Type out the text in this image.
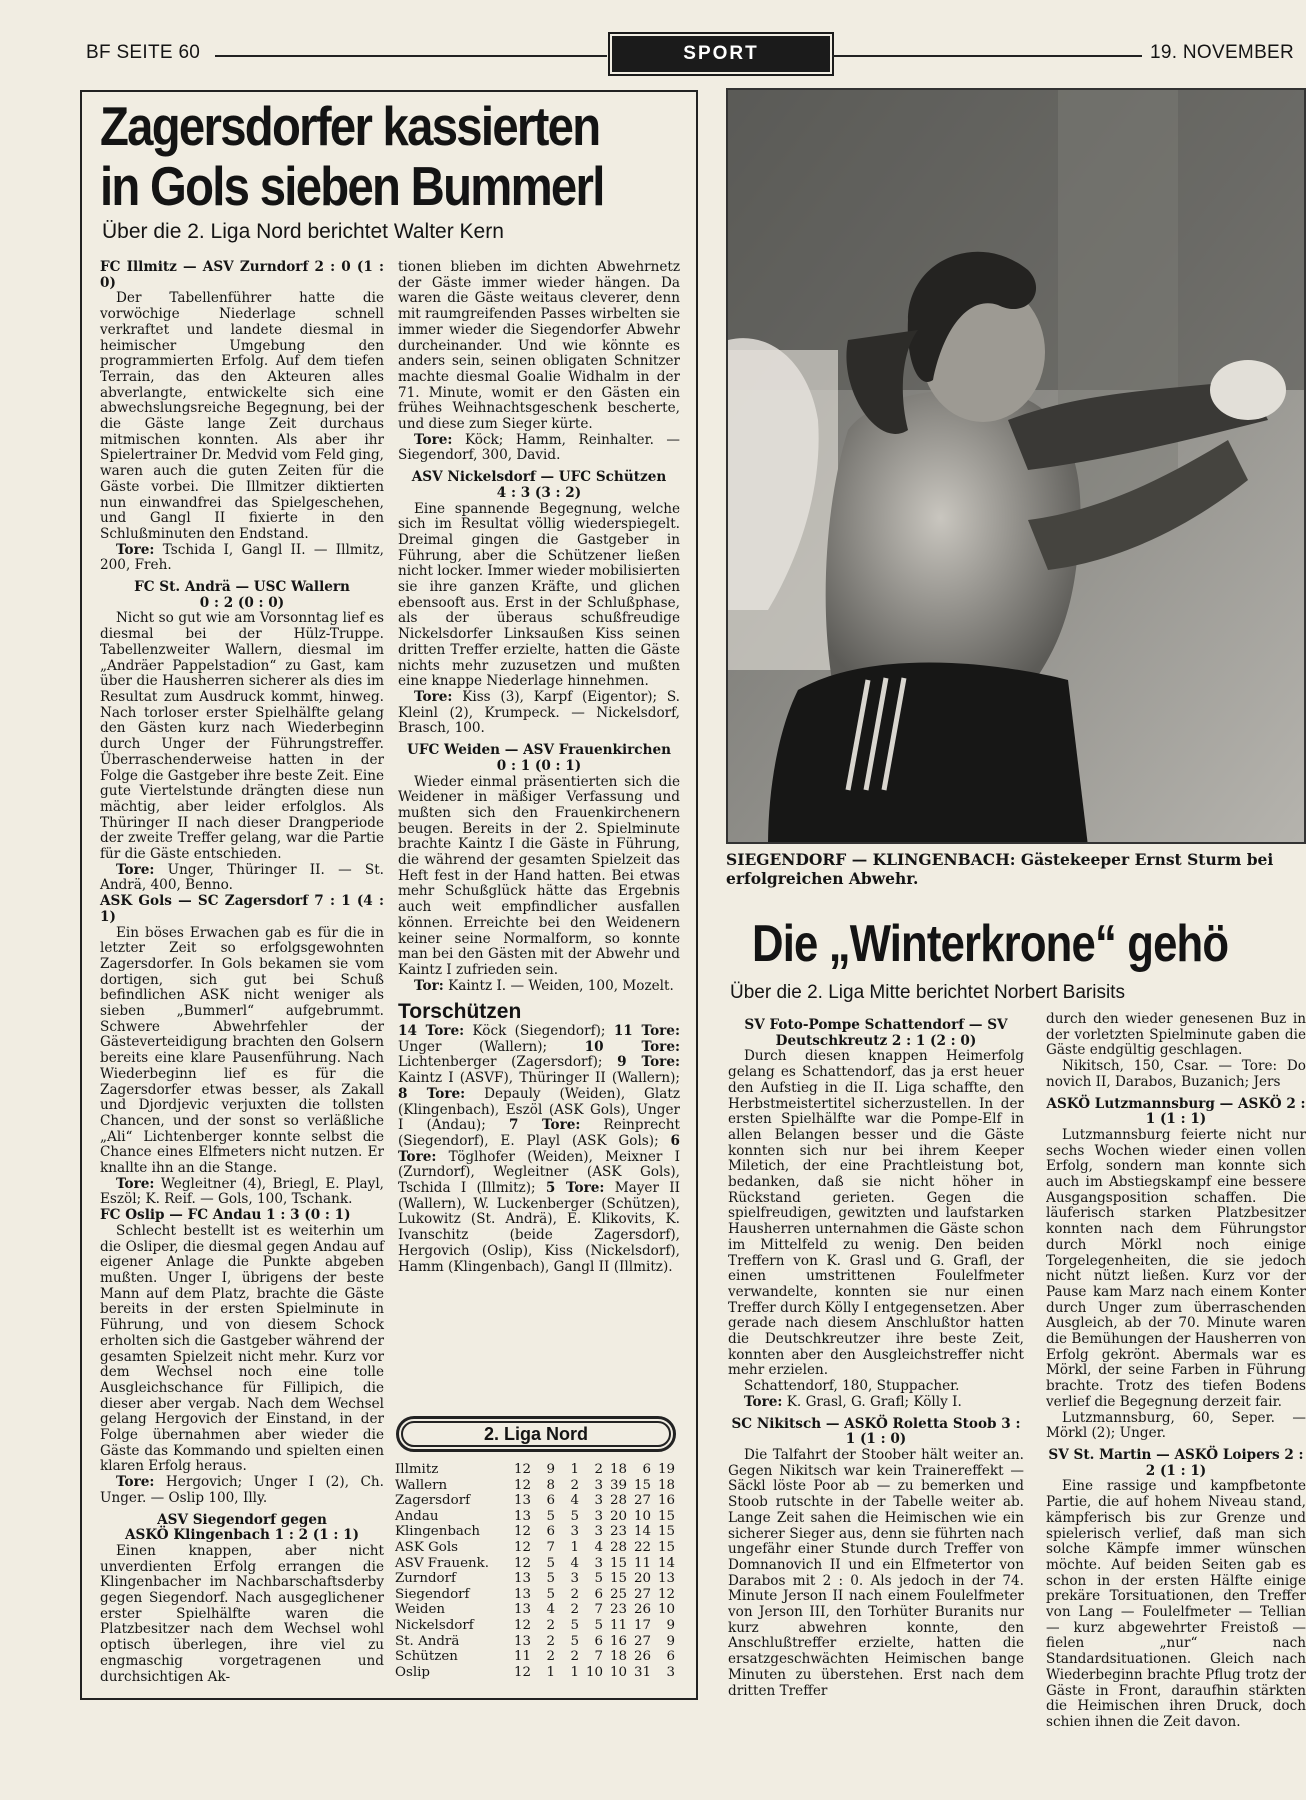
BF SEITE 60	SPORT	19. NOVEMBER
Zagersdorfer kassierten
in Gols sieben Bummerl
Über die 2. Liga Nord berichtet Walter Kern

FC Illmitz — ASV Zurndorf 2 : 0 (1 : 0)

Der Tabellenführer hatte die vorwöchige Niederlage schnell verkraftet und landete diesmal in heimischer Umgebung den programmierten Erfolg. Auf dem tiefen Terrain, das den Akteuren alles abverlangte, entwickelte sich eine abwechslungsreiche Begegnung, bei der die Gäste lange Zeit durchaus mitmischen konnten. Als aber ihr Spielertrainer Dr. Medvid vom Feld ging, waren auch die guten Zeiten für die Gäste vorbei. Die Illmitzer diktierten nun einwandfrei das Spielgeschehen, und Gangl II fixierte in den Schlußminuten den Endstand.

Tore: Tschida I, Gangl II. — Illmitz, 200, Freh.

FC St. Andrä — USC Wallern

0 : 2 (0 : 0)

Nicht so gut wie am Vorsonntag lief es diesmal bei der Hülz-Truppe. Tabellenzweiter Wallern, diesmal im „Andräer Pappelstadion“ zu Gast, kam über die Hausherren sicherer als dies im Resultat zum Ausdruck kommt, hinweg. Nach torloser erster Spielhälfte gelang den Gästen kurz nach Wiederbeginn durch Unger der Führungstreffer. Überraschenderweise hatten in der Folge die Gastgeber ihre beste Zeit. Eine gute Viertelstunde drängten diese nun mächtig, aber leider erfolglos. Als Thüringer II nach dieser Drangperiode der zweite Treffer gelang, war die Partie für die Gäste entschieden.

Tore: Unger, Thüringer II. — St. Andrä, 400, Benno.

ASK Gols — SC Zagersdorf 7 : 1 (4 : 1)

Ein böses Erwachen gab es für die in letzter Zeit so erfolgsgewohnten Zagersdorfer. In Gols bekamen sie vom dortigen, sich gut bei Schuß befindlichen ASK nicht weniger als sieben „Bummerl“ aufgebrummt. Schwere Abwehrfehler der Gästeverteidigung brachten den Golsern bereits eine klare Pausenführung. Nach Wiederbeginn lief es für die Zagersdorfer etwas besser, als Zakall und Djordjevic verjuxten die tollsten Chancen, und der sonst so verläßliche „Ali“ Lichtenberger konnte selbst die Chance eines Elfmeters nicht nutzen. Er knallte ihn an die Stange.

Tore: Wegleitner (4), Briegl, E. Playl, Eszöl; K. Reif. — Gols, 100, Tschank.

FC Oslip — FC Andau 1 : 3 (0 : 1)

Schlecht bestellt ist es weiterhin um die Osliper, die diesmal gegen Andau auf eigener Anlage die Punkte abgeben mußten. Unger I, übrigens der beste Mann auf dem Platz, brachte die Gäste bereits in der ersten Spielminute in Führung, und von diesem Schock erholten sich die Gastgeber während der gesamten Spielzeit nicht mehr. Kurz vor dem Wechsel noch eine tolle Ausgleichschance für Fillipich, die dieser aber vergab. Nach dem Wechsel gelang Hergovich der Einstand, in der Folge übernahmen aber wieder die Gäste das Kommando und spielten einen klaren Erfolg heraus.

Tore: Hergovich; Unger I (2), Ch. Unger. — Oslip 100, Illy.

ASV Siegendorf gegen

ASKÖ Klingenbach 1 : 2 (1 : 1)

Einen knappen, aber nicht unverdienten Erfolg errangen die Klingenbacher im Nachbarschaftsderby gegen Siegendorf. Nach ausgeglichener erster Spielhälfte waren die Platzbesitzer nach dem Wechsel wohl optisch überlegen, ihre viel zu engmaschig vorgetragenen und durchsichtigen Ak-

tionen blieben im dichten Abwehrnetz der Gäste immer wieder hängen. Da waren die Gäste weitaus cleverer, denn mit raumgreifenden Passes wirbelten sie immer wieder die Siegendorfer Abwehr durcheinander. Und wie könnte es anders sein, seinen obligaten Schnitzer machte diesmal Goalie Widhalm in der 71. Minute, womit er den Gästen ein frühes Weihnachtsgeschenk bescherte, und diese zum Sieger kürte.

Tore: Köck; Hamm, Reinhalter. — Siegendorf, 300, David.

ASV Nickelsdorf — UFC Schützen

4 : 3 (3 : 2)

Eine spannende Begegnung, welche sich im Resultat völlig wiederspiegelt. Dreimal gingen die Gastgeber in Führung, aber die Schützener ließen nicht locker. Immer wieder mobilisierten sie ihre ganzen Kräfte, und glichen ebensooft aus. Erst in der Schlußphase, als der überaus schußfreudige Nickelsdorfer Linksaußen Kiss seinen dritten Treffer erzielte, hatten die Gäste nichts mehr zuzusetzen und mußten eine knappe Niederlage hinnehmen.

Tore: Kiss (3), Karpf (Eigentor); S. Kleinl (2), Krumpeck. — Nickelsdorf, Brasch, 100.

UFC Weiden — ASV Frauenkirchen

0 : 1 (0 : 1)

Wieder einmal präsentierten sich die Weidener in mäßiger Verfassung und mußten sich den Frauenkirchenern beugen. Bereits in der 2. Spielminute brachte Kaintz I die Gäste in Führung, die während der gesamten Spielzeit das Heft fest in der Hand hatten. Bei etwas mehr Schußglück hätte das Ergebnis auch weit empfindlicher ausfallen können. Erreichte bei den Weidenern keiner seine Normalform, so konnte man bei den Gästen mit der Abwehr und Kaintz I zufrieden sein.

Tor: Kaintz I. — Weiden, 100, Mozelt.

Torschützen

14 Tore: Köck (Siegendorf); 11 Tore: Unger (Wallern); 10 Tore: Lichtenberger (Zagersdorf); 9 Tore: Kaintz I (ASVF), Thüringer II (Wallern); 8 Tore: Depauly (Weiden), Glatz (Klingenbach), Eszöl (ASK Gols), Unger I (Andau); 7 Tore: Reinprecht (Siegendorf), E. Playl (ASK Gols); 6 Tore: Töglhofer (Weiden), Meixner I (Zurndorf), Wegleitner (ASK Gols), Tschida I (Illmitz); 5 Tore: Mayer II (Wallern), W. Luckenberger (Schützen), Lukowitz (St. Andrä), E. Klikovits, K. Ivanschitz (beide Zagersdorf), Hergovich (Oslip), Kiss (Nickelsdorf), Hamm (Klingenbach), Gangl II (Illmitz).

2. Liga Nord
Illmitz	12	9	1	2	18	6	19
Wallern	12	8	2	3	39	15	18
Zagersdorf	13	6	4	3	28	27	16
Andau	13	5	5	3	20	10	15
Klingenbach	12	6	3	3	23	14	15
ASK Gols	12	7	1	4	28	22	15
ASV Frauenk.	12	5	4	3	15	11	14
Zurndorf	13	5	3	5	15	20	13
Siegendorf	13	5	2	6	25	27	12
Weiden	13	4	2	7	23	26	10
Nickelsdorf	12	2	5	5	11	17	9
St. Andrä	13	2	5	6	16	27	9
Schützen	11	2	2	7	18	26	6
Oslip	12	1	1	10	10	31	3
SIEGENDORF — KLINGENBACH: Gästekeeper Ernst Sturm bei erfolgreichen Abwehr.
Die „Winterkrone“ gehö
Über die 2. Liga Mitte berichtet Norbert Barisits

SV Foto-Pompe Schattendorf — SV Deutschkreutz 2 : 1 (2 : 0)

Durch diesen knappen Heimerfolg gelang es Schattendorf, das ja erst heuer den Aufstieg in die II. Liga schaffte, den Herbstmeistertitel sicherzustellen. In der ersten Spielhälfte war die Pompe-Elf in allen Belangen besser und die Gäste konnten sich nur bei ihrem Keeper Miletich, der eine Prachtleistung bot, bedanken, daß sie nicht höher in Rückstand gerieten. Gegen die spielfreudigen, gewitzten und laufstarken Hausherren unternahmen die Gäste schon im Mittelfeld zu wenig. Den beiden Treffern von K. Grasl und G. Grafl, der einen umstrittenen Foulelfmeter verwandelte, konnten sie nur einen Treffer durch Kölly I entgegensetzen. Aber gerade nach diesem Anschlußtor hatten die Deutschkreutzer ihre beste Zeit, konnten aber den Ausgleichstreffer nicht mehr erzielen.

Schattendorf, 180, Stuppacher.

Tore: K. Grasl, G. Grafl; Kölly I.

SC Nikitsch — ASKÖ Roletta Stoob 3 : 1 (1 : 0)

Die Talfahrt der Stoober hält weiter an. Gegen Nikitsch war kein Trainereffekt — Säckl löste Poor ab — zu bemerken und Stoob rutschte in der Tabelle weiter ab. Lange Zeit sahen die Heimischen wie ein sicherer Sieger aus, denn sie führten nach ungefähr einer Stunde durch Treffer von Domnanovich II und ein Elfmetertor von Darabos mit 2 : 0. Als jedoch in der 74. Minute Jerson II nach einem Foulelfmeter von Jerson III, den Torhüter Buranits nur kurz abwehren konnte, den Anschlußtreffer erzielte, hatten die ersatzgeschwächten Heimischen bange Minuten zu überstehen. Erst nach dem dritten Treffer

durch den wieder genesenen Buz in der vorletzten Spielminute gaben die Gäste endgültig geschlagen.

Nikitsch, 150, Csar. — Tore: Do novich II, Darabos, Buzanich; Jers

ASKÖ Lutzmannsburg — ASKÖ 2 : 1 (1 : 1)

Lutzmannsburg feierte nicht nur sechs Wochen wieder einen vollen Erfolg, sondern man konnte sich auch im Abstiegskampf eine bessere Ausgangsposition schaffen. Die läuferisch starken Platzbesitzer konnten nach dem Führungstor durch Mörkl noch einige Torgelegenheiten, die sie jedoch nicht nützt ließen. Kurz vor der Pause kam Marz nach einem Konter durch Unger zum überraschenden Ausgleich, ab der 70. Minute waren die Bemühungen der Hausherren von Erfolg gekrönt. Abermals war es Mörkl, der seine Farben in Führung brachte. Trotz des tiefen Bodens verlief die Begegnung derzeit fair.

Lutzmannsburg, 60, Seper. — Mörkl (2); Unger.

SV St. Martin — ASKÖ Loipers 2 : 2 (1 : 1)

Eine rassige und kampfbetonte Partie, die auf hohem Niveau stand, kämpferisch bis zur Grenze und spielerisch verlief, daß man sich solche Kämpfe immer wünschen möchte. Auf beiden Seiten gab es schon in der ersten Hälfte einige prekäre Torsituationen, den Treffer von Lang — Foulelfmeter — Tellian — kurz abgewehrter Freistoß — fielen „nur“ nach Standardsituationen. Gleich nach Wiederbeginn brachte Pflug trotz der Gäste in Front, daraufhin stärkten die Heimischen ihren Druck, doch schien ihnen die Zeit davon.
